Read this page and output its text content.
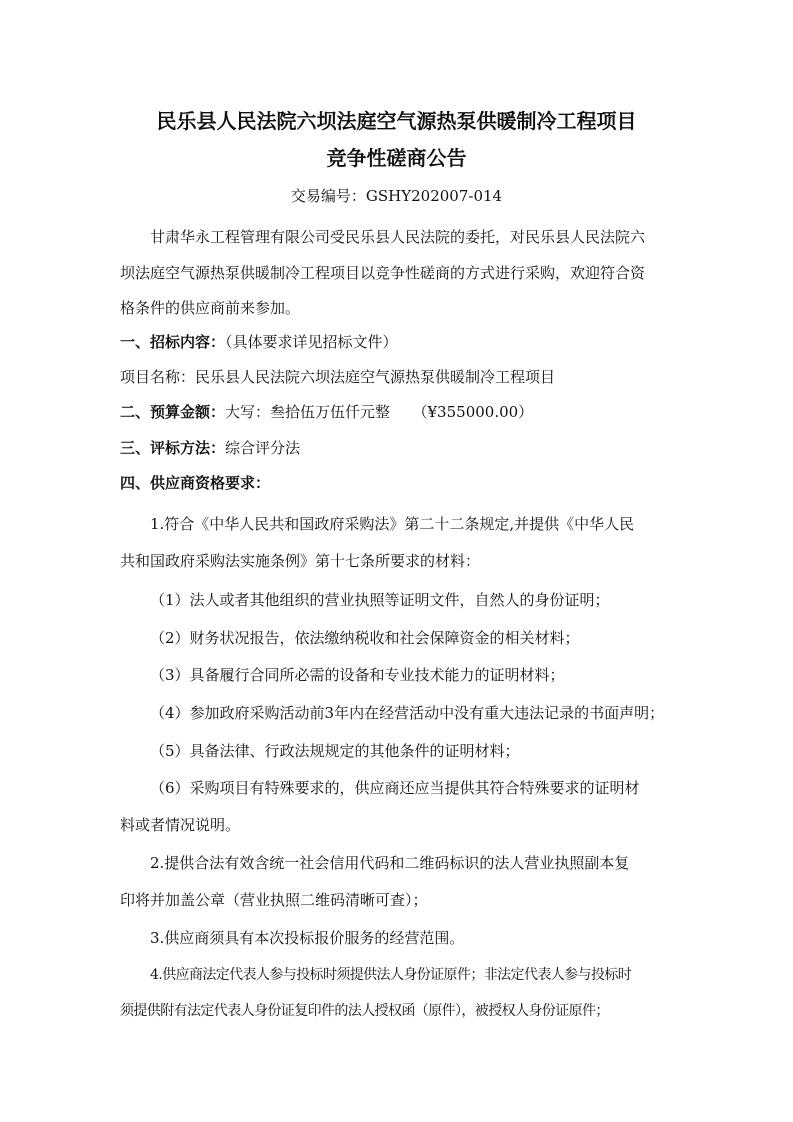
民乐县人民法院六坝法庭空气源热泵供暖制冷工程项目
竞争性磋商公告
交易编号：GSHY202007-014
甘肃华永工程管理有限公司受民乐县人民法院的委托，对民乐县人民法院六
坝法庭空气源热泵供暖制冷工程项目以竞争性磋商的方式进行采购，欢迎符合资
格条件的供应商前来参加。
一、招标内容：（具体要求详见招标文件）
项目名称：民乐县人民法院六坝法庭空气源热泵供暖制冷工程项目
二、预算金额：大写：叁拾伍万伍仟元整　　（¥355000.00）
三、评标方法：综合评分法
四、供应商资格要求：
1.符合《中华人民共和国政府采购法》第二十二条规定,并提供《中华人民
共和国政府采购法实施条例》第十七条所要求的材料：
（1）法人或者其他组织的营业执照等证明文件，自然人的身份证明；
（2）财务状况报告，依法缴纳税收和社会保障资金的相关材料；
（3）具备履行合同所必需的设备和专业技术能力的证明材料；
（4）参加政府采购活动前3年内在经营活动中没有重大违法记录的书面声明；
（5）具备法律、行政法规规定的其他条件的证明材料；
（6）采购项目有特殊要求的，供应商还应当提供其符合特殊要求的证明材
料或者情况说明。
2.提供合法有效含统一社会信用代码和二维码标识的法人营业执照副本复
印将并加盖公章（营业执照二维码清晰可查）；
3.供应商须具有本次投标报价服务的经营范围。
4.供应商法定代表人参与投标时须提供法人身份证原件；非法定代表人参与投标时
须提供附有法定代表人身份证复印件的法人授权函（原件），被授权人身份证原件；
